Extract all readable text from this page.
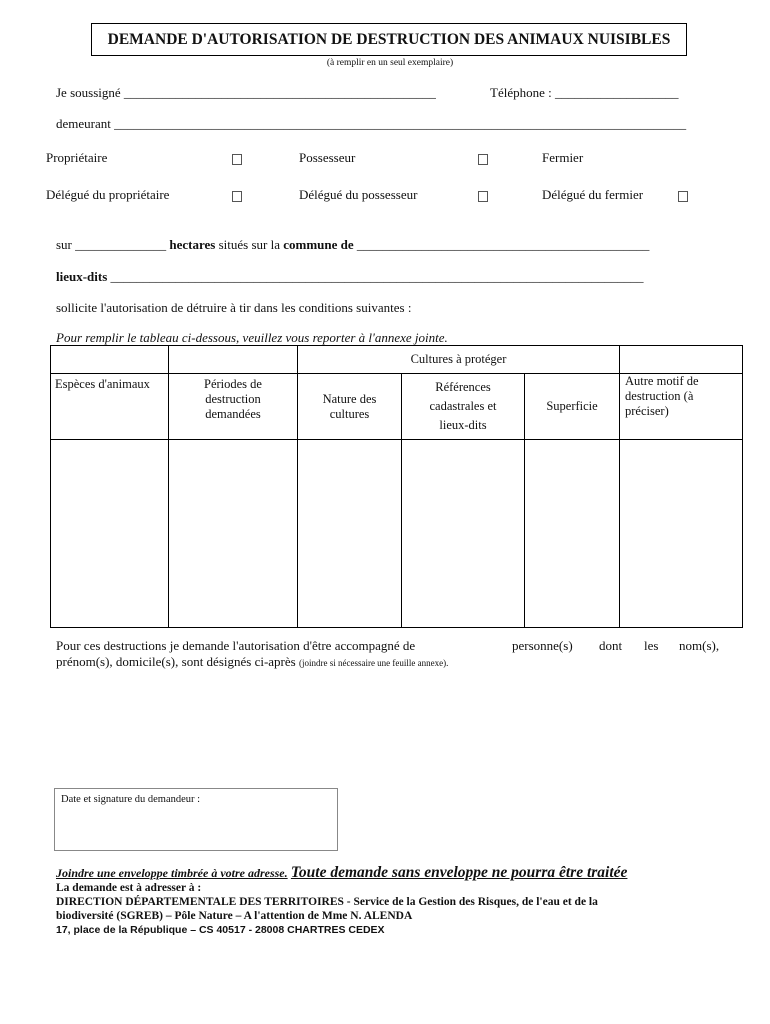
DEMANDE D'AUTORISATION DE DESTRUCTION DES ANIMAUX NUISIBLES
(à remplir en un seul exemplaire)
Je soussigné ________________________________________________	Téléphone : ___________________
demeurant ________________________________________________________________________________________
Propriétaire	Possesseur	Fermier
Délégué du propriétaire	Délégué du possesseur	Délégué du fermier
sur ______________ hectares situés sur la commune de _____________________________________________
lieux-dits __________________________________________________________________________________
sollicite l'autorisation de détruire à tir dans les conditions suivantes :
Pour remplir le tableau ci-dessous, veuillez vous reporter à l'annexe jointe.
		Cultures à protéger			
Espèces d'animaux	Périodes de destruction demandées	Nature des cultures	Références cadastrales et lieux-dits	Superficie	Autre motif de destruction (à préciser)

Pour ces destructions je demande l'autorisation d'être accompagné de	personne(s) dont les nom(s),
prénom(s), domicile(s), sont désignés ci-après (joindre si nécessaire une feuille annexe).
Date et signature du demandeur :
Joindre une enveloppe timbrée à votre adresse. Toute demande sans enveloppe ne pourra être traitée
La demande est à adresser à :
DIRECTION DÉPARTEMENTALE DES TERRITOIRES - Service de la Gestion des Risques, de l'eau et de la
biodiversité (SGREB) – Pôle Nature – A l'attention de Mme N. ALENDA
17, place de la République – CS 40517 - 28008 CHARTRES CEDEX
